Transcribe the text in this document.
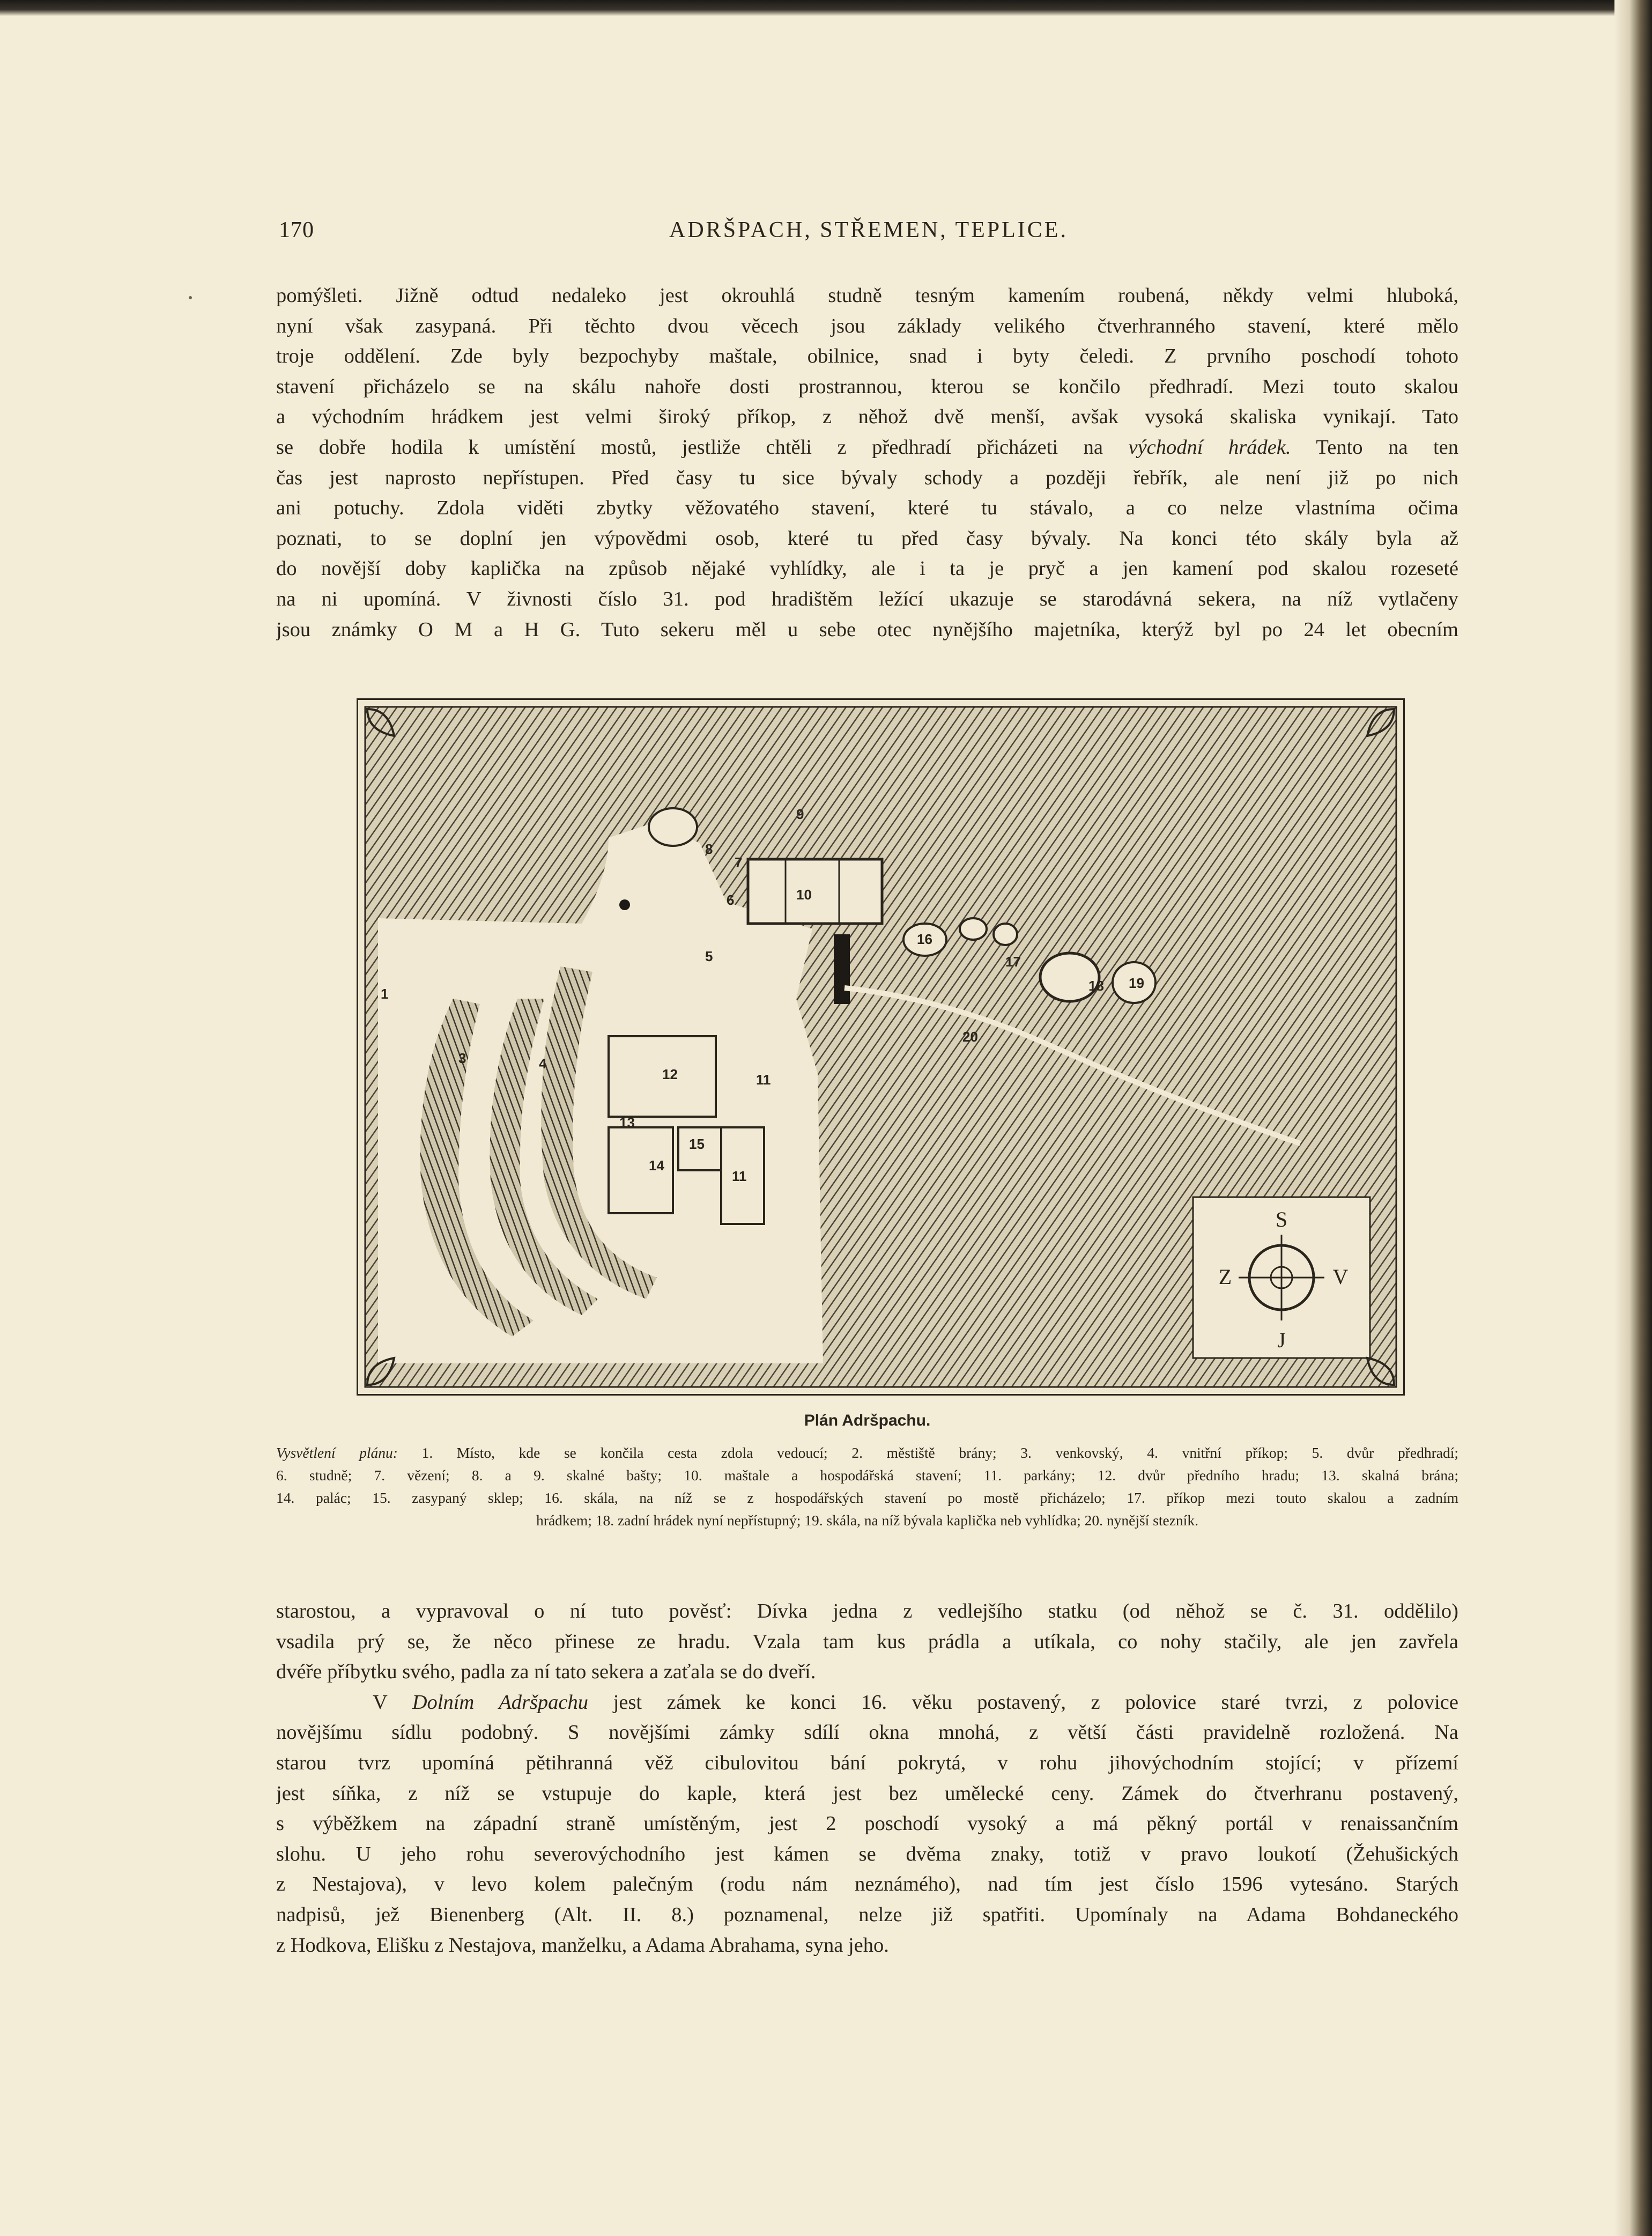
170	ADRŠPACH, STŘEMEN, TEPLICE.
pomýšleti. Jižně odtud nedaleko jest okrouhlá studně tesným kamením roubená, někdy velmi hluboká,
nyní však zasypaná. Při těchto dvou věcech jsou základy velikého čtverhranného stavení, které mělo
troje oddělení. Zde byly bezpochyby maštale, obilnice, snad i byty čeledi. Z prvního poschodí tohoto
stavení přicházelo se na skálu nahoře dosti prostrannou, kterou se končilo předhradí. Mezi touto skalou
a východním hrádkem jest velmi široký příkop, z něhož dvě menší, avšak vysoká skaliska vynikají. Tato
se dobře hodila k umístění mostů, jestliže chtěli z předhradí přicházeti na východní hrádek. Tento na ten
čas jest naprosto nepřístupen. Před časy tu sice bývaly schody a později řebřík, ale není již po nich
ani potuchy. Zdola viděti zbytky věžovatého stavení, které tu stávalo, a co nelze vlastníma očima
poznati, to se doplní jen výpovědmi osob, které tu před časy bývaly. Na konci této skály byla až
do novější doby kaplička na způsob nějaké vyhlídky, ale i ta je pryč a jen kamení pod skalou rozeseté
na ni upomíná. V živnosti číslo 31. pod hradištěm ležící ukazuje se starodávná sekera, na níž vytlačeny
jsou známky O M a H G. Tuto sekeru měl u sebe otec nynějšího majetníka, kterýž byl po 24 let obecním
S
J
Z	V
1
3	4
5
6
7
8
9
10
11
11
12
13
14
15
16
17
18 19
20
Plán Adršpachu.
Vysvětlení plánu: 1. Místo, kde se končila cesta zdola vedoucí; 2. městiště brány; 3. venkovský, 4. vnitřní příkop; 5. dvůr předhradí;
6. studně; 7. vězení; 8. a 9. skalné bašty; 10. maštale a hospodářská stavení; 11. parkány; 12. dvůr předního hradu; 13. skalná brána;
14. palác; 15. zasypaný sklep; 16. skála, na níž se z hospodářských stavení po mostě přicházelo; 17. příkop mezi touto skalou a zadním
hrádkem; 18. zadní hrádek nyní nepřístupný; 19. skála, na níž bývala kaplička neb vyhlídka; 20. nynější stezník.
starostou, a vypravoval o ní tuto pověsť: Dívka jedna z vedlejšího statku (od něhož se č. 31. oddělilo)
vsadila prý se, že něco přinese ze hradu. Vzala tam kus prádla a utíkala, co nohy stačily, ale jen zavřela
dvéře příbytku svého, padla za ní tato sekera a zaťala se do dveří.
V Dolním Adršpachu jest zámek ke konci 16. věku postavený, z polovice staré tvrzi, z polovice
novějšímu sídlu podobný. S novějšími zámky sdílí okna mnohá, z větší části pravidelně rozložená. Na
starou tvrz upomíná pětihranná věž cibulovitou bání pokrytá, v rohu jihovýchodním stojící; v přízemí
jest síňka, z níž se vstupuje do kaple, která jest bez umělecké ceny. Zámek do čtverhranu postavený,
s výběžkem na západní straně umístěným, jest 2 poschodí vysoký a má pěkný portál v renaissančním
slohu. U jeho rohu severovýchodního jest kámen se dvěma znaky, totiž v pravo loukotí (Žehušických
z Nestajova), v levo kolem palečným (rodu nám neznámého), nad tím jest číslo 1596 vytesáno. Starých
nadpisů, jež Bienenberg (Alt. II. 8.) poznamenal, nelze již spatřiti. Upomínaly na Adama Bohdaneckého
z Hodkova, Elišku z Nestajova, manželku, a Adama Abrahama, syna jeho.
